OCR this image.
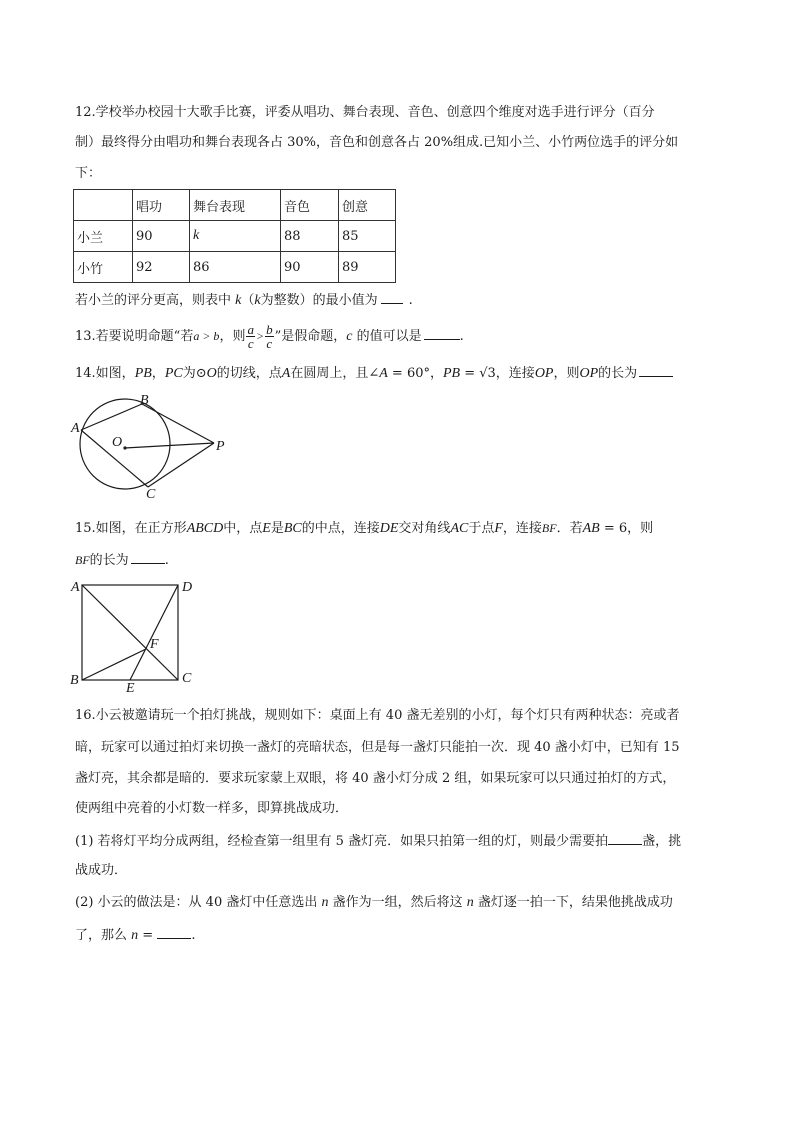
12.学校举办校园十大歌手比赛，评委从唱功、舞台表现、音色、创意四个维度对选手进行评分（百分
制）最终得分由唱功和舞台表现各占 30%，音色和创意各占 20%组成.已知小兰、小竹两位选手的评分如
下：
	唱功	舞台表现	音色	创意
小兰	90	k	88	85
小竹	92	86	90	89
若小兰的评分更高，则表中 k（k为整数）的最小值为 .
13.若要说明命题“若a > b，则 $\frac{a}{c} > \frac{b}{c}$ ”是假命题，c 的值可以是	.
14.如图，PB，PC为⊙O的切线，点A在圆周上，且∠A = 60°，PB = √3，连接OP，则OP的长为
A
B
O	P
C
15.如图，在正方形ABCD中，点E是BC的中点，连接DE交对角线AC于点F，连接BF．若AB = 6，则
BF的长为	.
A	D
F
B
E
C
16.小云被邀请玩一个拍灯挑战，规则如下：桌面上有 40 盏无差别的小灯，每个灯只有两种状态：亮或者
暗，玩家可以通过拍灯来切换一盏灯的亮暗状态，但是每一盏灯只能拍一次．现 40 盏小灯中，已知有 15
盏灯亮，其余都是暗的．要求玩家蒙上双眼，将 40 盏小灯分成 2 组，如果玩家可以只通过拍灯的方式，
使两组中亮着的小灯数一样多，即算挑战成功．
(1) 若将灯平均分成两组，经检查第一组里有 5 盏灯亮．如果只拍第一组的灯，则最少需要拍	盏，挑
战成功．
(2) 小云的做法是：从 40 盏灯中任意选出 n 盏作为一组，然后将这 n 盏灯逐一拍一下，结果他挑战成功
了，那么 n =	.
